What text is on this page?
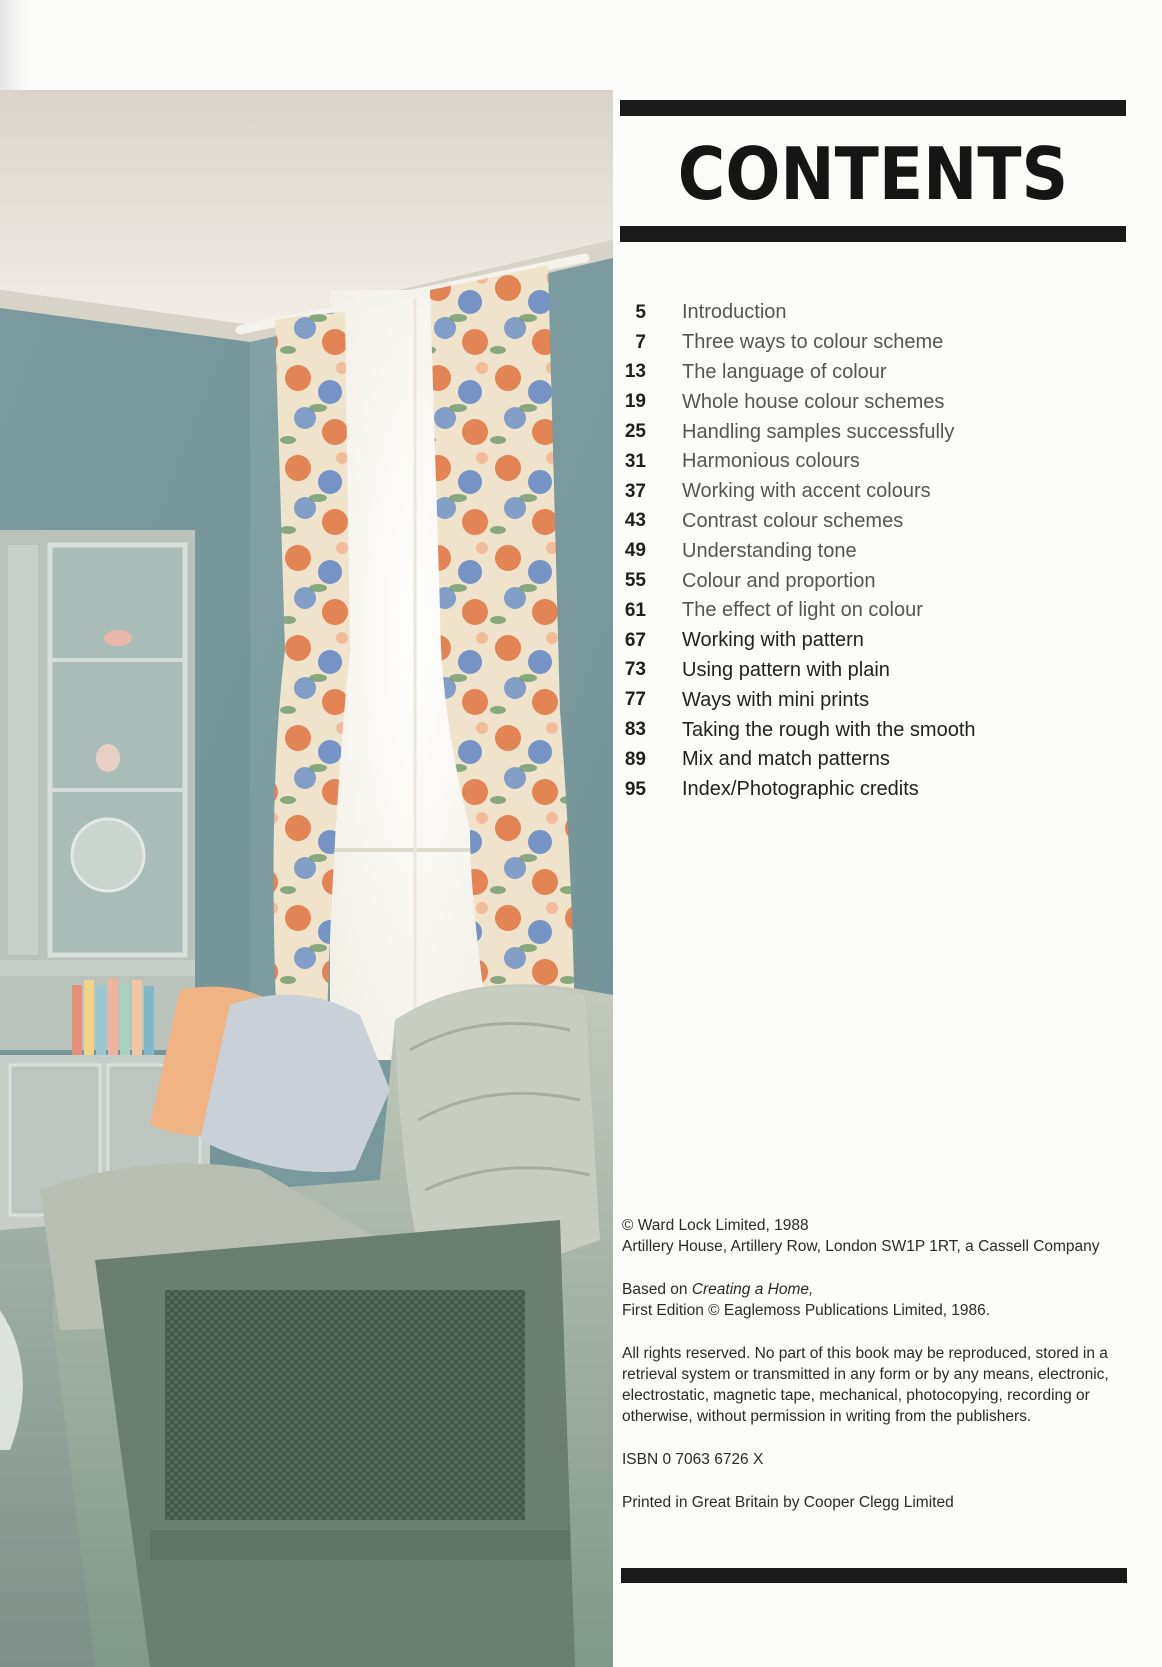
CONTENTS
5 Introduction
7 Three ways to colour scheme
13 The language of colour
19 Whole house colour schemes
25 Handling samples successfully
31 Harmonious colours
37 Working with accent colours
43 Contrast colour schemes
49 Understanding tone
55 Colour and proportion
61 The effect of light on colour
67 Working with pattern
73 Using pattern with plain
77 Ways with mini prints
83 Taking the rough with the smooth
89 Mix and match patterns
95 Index/Photographic credits

© Ward Lock Limited, 1988

Artillery House, Artillery Row, London SW1P 1RT, a Cassell Company

Based on Creating a Home,

First Edition © Eaglemoss Publications Limited, 1986.

All rights reserved. No part of this book may be reproduced, stored in a retrieval system or transmitted in any form or by any means, electronic, electrostatic, magnetic tape, mechanical, photocopying, recording or otherwise, without permission in writing from the publishers.

ISBN 0 7063 6726 X

Printed in Great Britain by Cooper Clegg Limited
